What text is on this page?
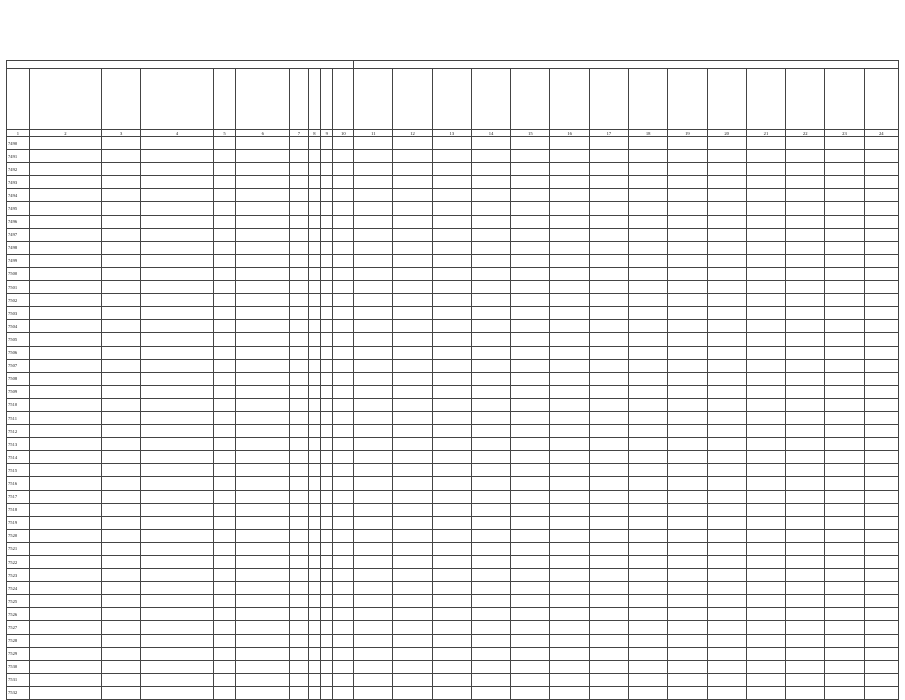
1	2	3	4	5	6	7	8	9	10	11	12	13	14	15	16	17	18	19	20	21	22	23	24
7490																							
7491																							
7492																							
7493																							
7494																							
7495																							
7496																							
7497																							
7498																							
7499																							
7500																							
7501																							
7502																							
7503																							
7504																							
7505																							
7506																							
7507																							
7508																							
7509																							
7510																							
7511																							
7512																							
7513																							
7514																							
7515																							
7516																							
7517																							
7518																							
7519																							
7520																							
7521																							
7522																							
7523																							
7524																							
7525																							
7526																							
7527																							
7528																							
7529																							
7530																							
7531																							
7532																							
